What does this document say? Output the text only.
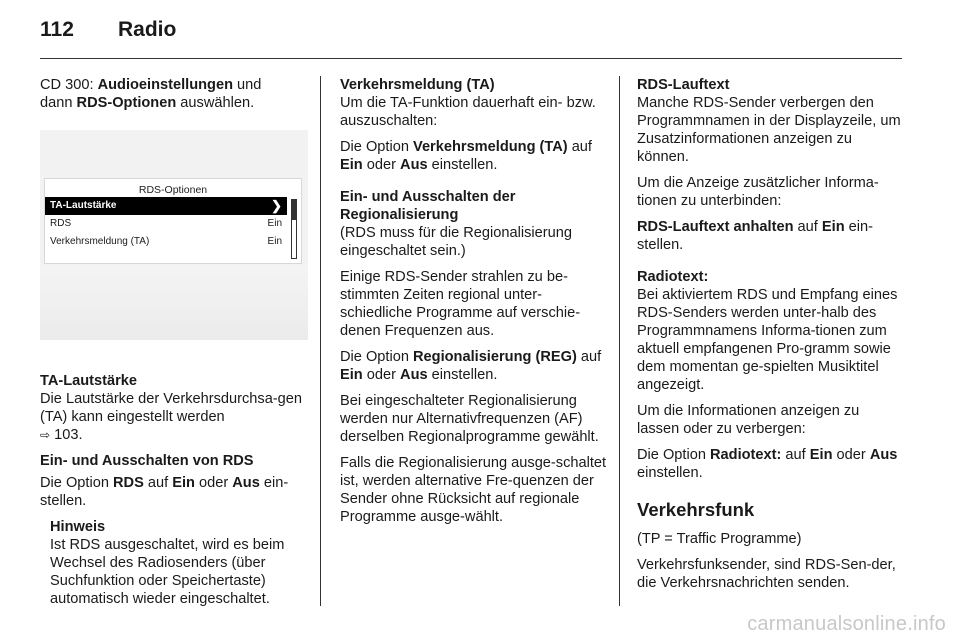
112	Radio

CD 300: Audioeinstellungen und
dann RDS-Optionen auswählen.

RDS-Optionen
TA-Lautstärke	❯
RDS	Ein
Verkehrsmeldung (TA)	Ein

TA-Lautstärke

Die Lautstärke der Verkehrsdurchsa-gen (TA) kann eingestellt werden
⇨ 103.

Ein- und Ausschalten von RDS

Die Option RDS auf Ein oder Aus ein-stellen.

Hinweis

Ist RDS ausgeschaltet, wird es beim Wechsel des Radiosenders (über Suchfunktion oder Speichertaste) automatisch wieder eingeschaltet.

Verkehrsmeldung (TA)

Um die TA-Funktion dauerhaft ein- bzw. auszuschalten:

Die Option Verkehrsmeldung (TA) auf Ein oder Aus einstellen.

Ein- und Ausschalten der Regionalisierung

(RDS muss für die Regionalisierung eingeschaltet sein.)

Einige RDS-Sender strahlen zu be-stimmten Zeiten regional unter-schiedliche Programme auf verschie-denen Frequenzen aus.

Die Option Regionalisierung (REG) auf Ein oder Aus einstellen.

Bei eingeschalteter Regionalisierung werden nur Alternativfrequenzen (AF) derselben Regionalprogramme gewählt.

Falls die Regionalisierung ausge-schaltet ist, werden alternative Fre-quenzen der Sender ohne Rücksicht auf regionale Programme ausge-wählt.

RDS-Lauftext

Manche RDS-Sender verbergen den Programmnamen in der Displayzeile, um Zusatzinformationen anzeigen zu können.

Um die Anzeige zusätzlicher Informa-tionen zu unterbinden:

RDS-Lauftext anhalten auf Ein ein-stellen.

Radiotext:

Bei aktiviertem RDS und Empfang eines RDS-Senders werden unter-halb des Programmnamens Informa-tionen zum aktuell empfangenen Pro-gramm sowie dem momentan ge-spielten Musiktitel angezeigt.

Um die Informationen anzeigen zu lassen oder zu verbergen:

Die Option Radiotext: auf Ein oder Aus einstellen.

Verkehrsfunk

(TP = Traffic Programme)

Verkehrsfunksender, sind RDS-Sen-der, die Verkehrsnachrichten senden.

carmanualsonline.info
